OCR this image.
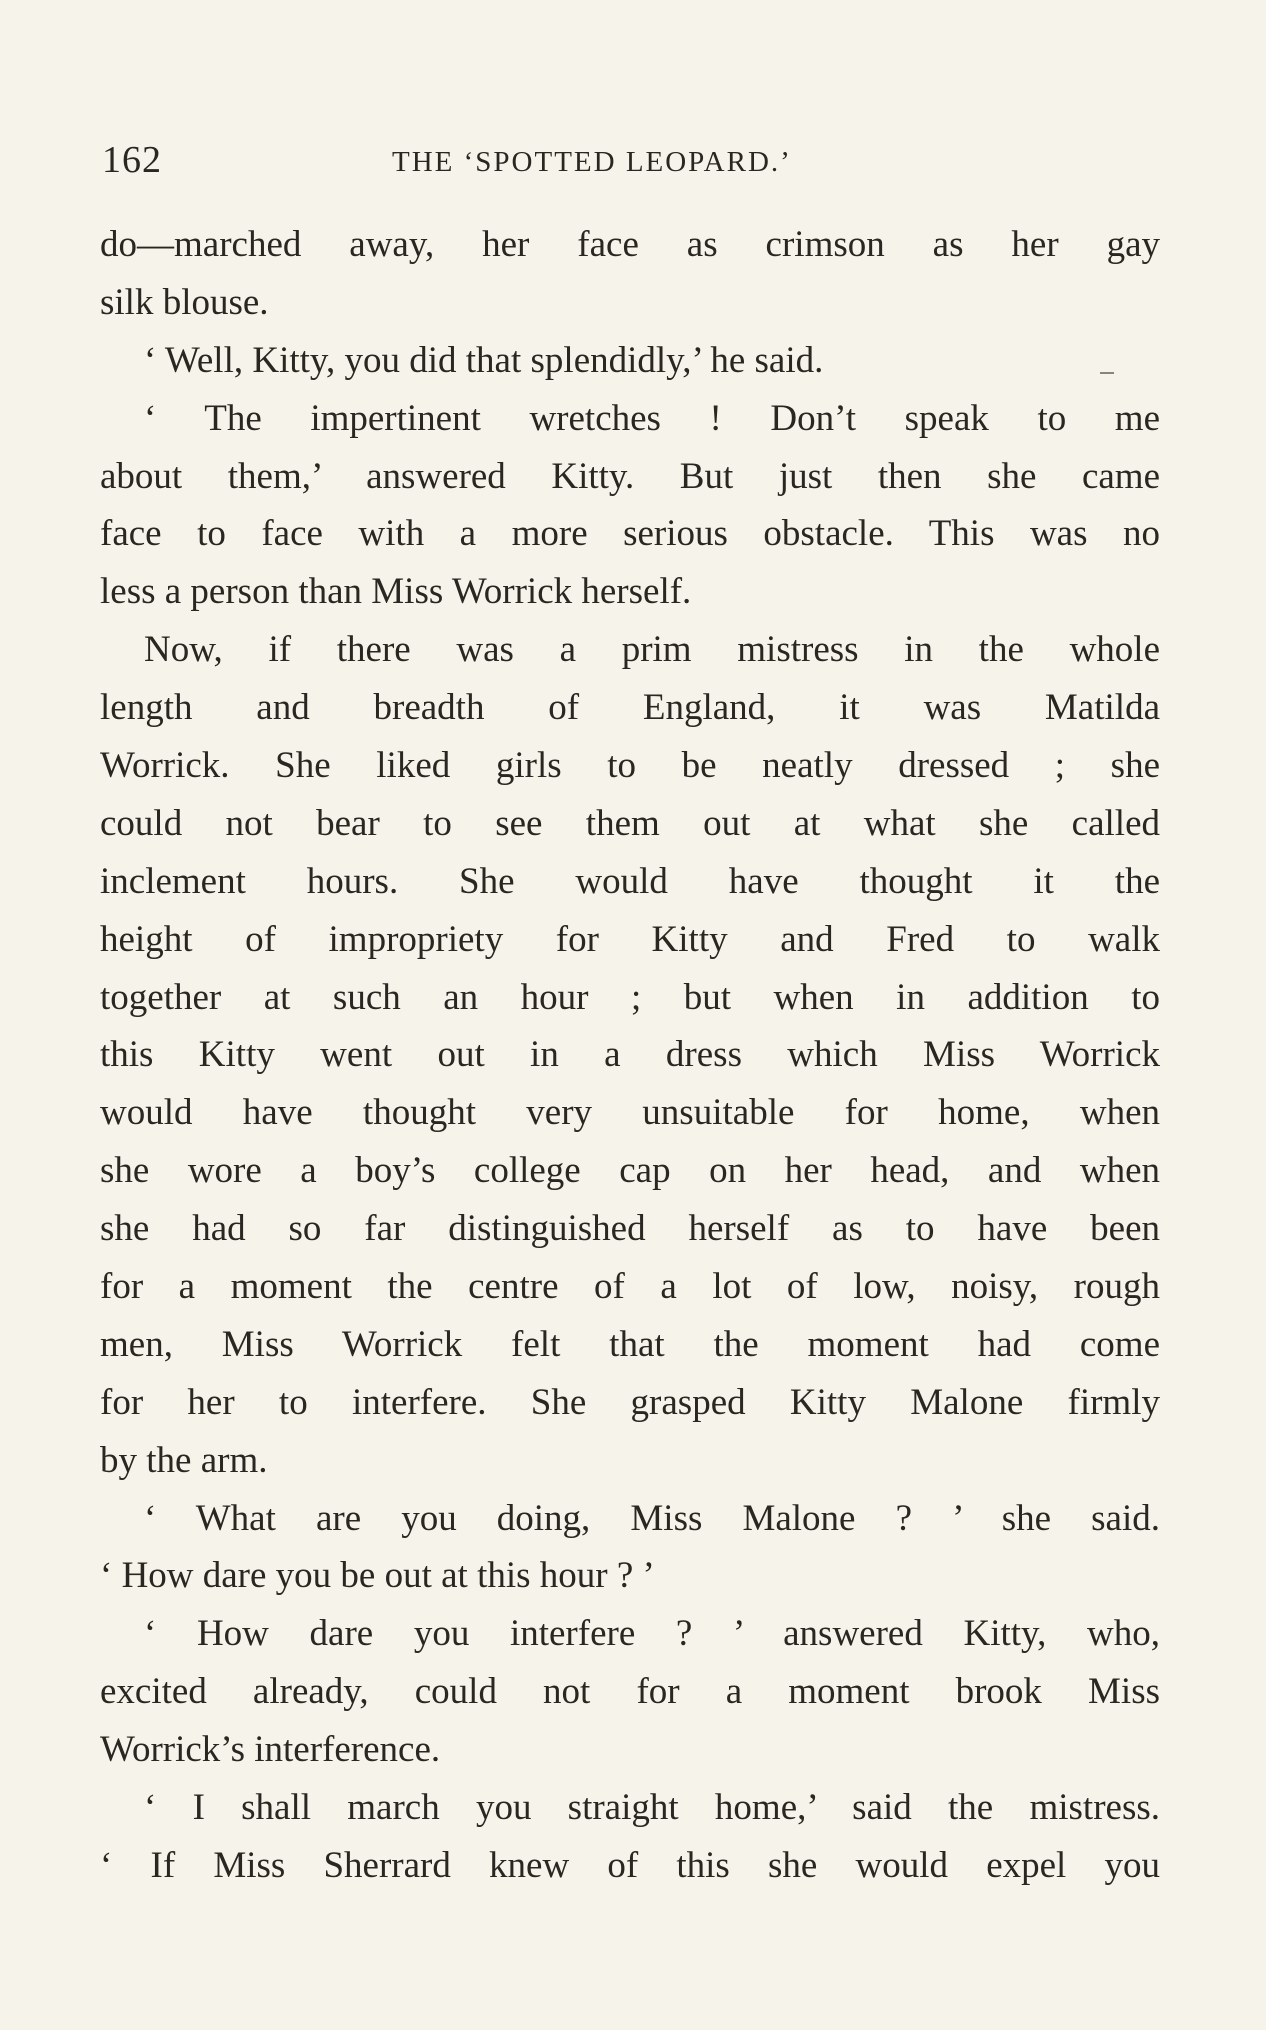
162	THE ‘SPOTTED LEOPARD.’
do—marched away, her face as crimson as her gay
silk blouse.
‘ Well, Kitty, you did that splendidly,’ he said.
‘ The impertinent wretches ! Don’t speak to me
about them,’ answered Kitty. But just then she came
face to face with a more serious obstacle. This was no
less a person than Miss Worrick herself.
Now, if there was a prim mistress in the whole
length and breadth of England, it was Matilda
Worrick. She liked girls to be neatly dressed ; she
could not bear to see them out at what she called
inclement hours. She would have thought it the
height of impropriety for Kitty and Fred to walk
together at such an hour ; but when in addition to
this Kitty went out in a dress which Miss Worrick
would have thought very unsuitable for home, when
she wore a boy’s college cap on her head, and when
she had so far distinguished herself as to have been
for a moment the centre of a lot of low, noisy, rough
men, Miss Worrick felt that the moment had come
for her to interfere. She grasped Kitty Malone firmly
by the arm.
‘ What are you doing, Miss Malone ? ’ she said.
‘ How dare you be out at this hour ? ’
‘ How dare you interfere ? ’ answered Kitty, who,
excited already, could not for a moment brook Miss
Worrick’s interference.
‘ I shall march you straight home,’ said the mistress.
‘ If Miss Sherrard knew of this she would expel you
